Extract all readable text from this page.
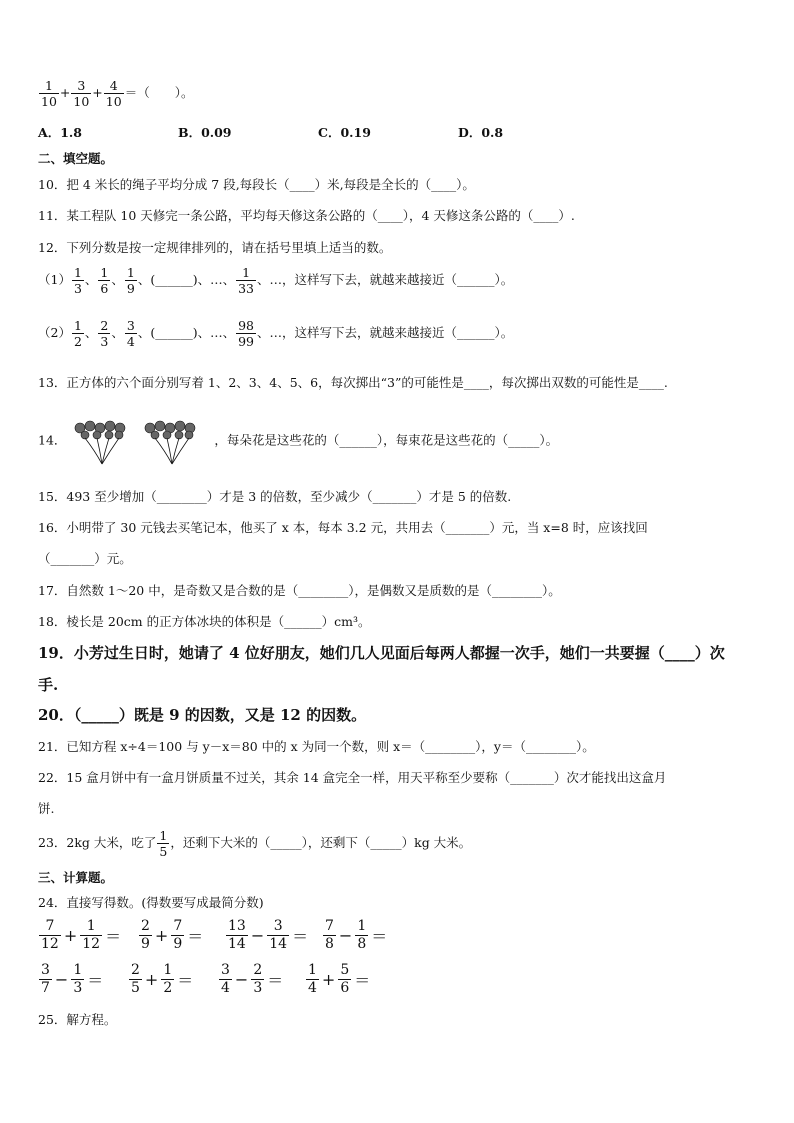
$\frac{1}{10} + \frac{3}{10} + \frac{4}{10}$ ＝（　　）。
A．1.8	B．0.09	C．0.19	D．0.8
二、填空题。
10．把 4 米长的绳子平均分成 7 段,每段长（____）米,每段是全长的（____）。
11．某工程队 10 天修完一条公路，平均每天修这条公路的（____），4 天修这条公路的（____）.
12．下列分数是按一定规律排列的，请在括号里填上适当的数。
$(1) \frac{1}{3}$ 、 $\frac{1}{6}$ 、 $\frac{1}{9}$ 、(______)、…、 $\frac{1}{33}$ 、…，这样写下去，就越来越接近（______）。
$(2) \frac{1}{2}$ 、 $\frac{2}{3}$ 、 $\frac{3}{4}$ 、(______)、…、 $\frac{98}{99}$ 、…，这样写下去，就越来越接近（______）。
13．正方体的六个面分别写着 1、2、3、4、5、6，每次掷出“3”的可能性是____，每次掷出双数的可能性是____.
14．	，每朵花是这些花的（______），每束花是这些花的（_____）。
15．493 至少增加（________）才是 3 的倍数，至少减少（_______）才是 5 的倍数.
16．小明带了 30 元钱去买笔记本，他买了 x 本，每本 3.2 元，共用去（_______）元，当 x=8 时，应该找回
（_______）元。
17．自然数 1～20 中，是奇数又是合数的是（________），是偶数又是质数的是（________）。
18．棱长是 20cm 的正方体冰块的体积是（______）cm³。
19．小芳过生日时，她请了 4 位好朋友，她们几人见面后每两人都握一次手，她们一共要握（____）次
手.
20．（_____）既是 9 的因数，又是 12 的因数。
21．已知方程 x÷4＝100 与 y－x＝80 中的 x 为同一个数，则 x＝（________），y＝（________）。
22．15 盒月饼中有一盒月饼质量不过关，其余 14 盒完全一样，用天平称至少要称（_______）次才能找出这盒月
饼.
23．2kg 大米，吃了 $\frac{1}{5}$ ，还剩下大米的（_____），还剩下（_____）kg 大米。
三、计算题。
24．直接写得数。(得数要写成最简分数)
$\frac{7}{12} + \frac{1}{12} = \frac{2}{9} + \frac{7}{9} = \frac{13}{14} - \frac{3}{14} = \frac{7}{8} - \frac{1}{8}$ ＝
$\frac{3}{7} - \frac{1}{3} = \frac{2}{5} + \frac{1}{2} = \frac{3}{4} - \frac{2}{3} = \frac{1}{4} + \frac{5}{6}$ ＝
25．解方程。
